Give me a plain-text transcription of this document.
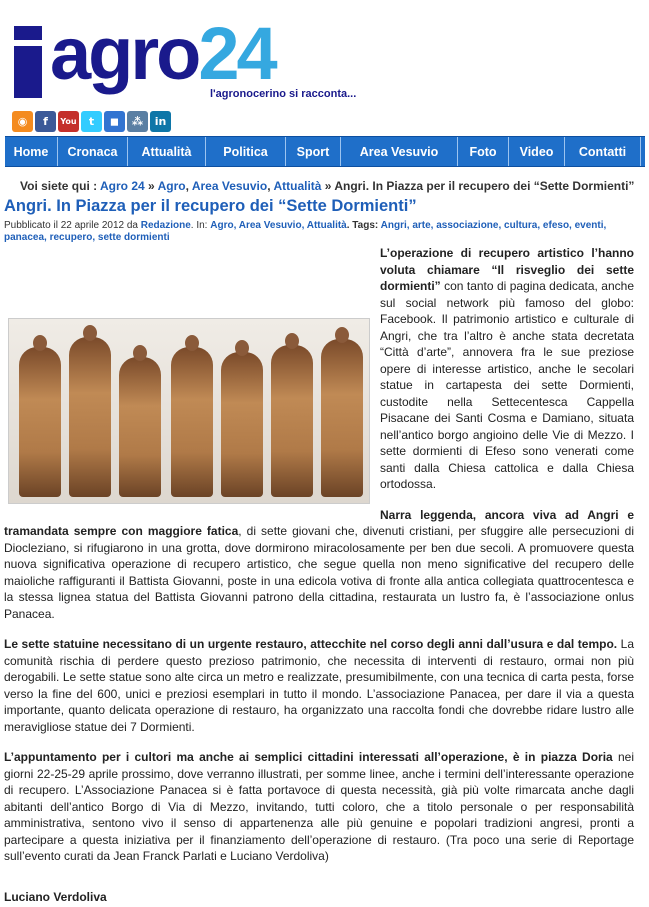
agro24
l'agronocerino si racconta...
◉	f	You	t	◼	⁂	in
Home	Cronaca	Attualità	Politica	Sport	Area Vesuvio	Foto	Video	Contatti
Voi siete qui : Agro 24 » Agro, Area Vesuvio, Attualità » Angri. In Piazza per il recupero dei “Sette Dormienti”
Angri. In Piazza per il recupero dei “Sette Dormienti”
Pubblicato il 22 aprile 2012 da Redazione. In: Agro, Area Vesuvio, Attualità. Tags: Angri, arte, associazione, cultura, efeso, eventi, panacea, recupero, sette dormienti

L’operazione di recupero artistico l’hanno voluta chiamare “Il risveglio dei sette dormienti” con tanto di pagina dedicata, anche sul social network più famoso del globo: Facebook. Il patrimonio artistico e culturale di Angri, che tra l’altro è anche stata decretata “Città d’arte”, annovera fra le sue preziose opere di interesse artistico, anche le secolari statue in cartapesta dei sette Dormienti, custodite nella Settecentesca Cappella Pisacane dei Santi Cosma e Damiano, situata nell’antico borgo angioino delle Vie di Mezzo. I sette dormienti di Efeso sono venerati come santi dalla Chiesa cattolica e dalla Chiesa ortodossa.

Narra leggenda, ancora viva ad Angri e tramandata sempre con maggiore fatica, di sette giovani che, divenuti cristiani, per sfuggire alle persecuzioni di Diocleziano, si rifugiarono in una grotta, dove dormirono miracolosamente per ben due secoli. A promuovere questa nuova significativa operazione di recupero artistico, che segue quella non meno significative del recupero delle maioliche raffiguranti il Battista Giovanni, poste in una edicola votiva di fronte alla antica collegiata quattrocentesca e la stessa lignea statua del Battista Giovanni patrono della cittadina, restaurata un lustro fa, è l’associazione onlus Panacea.

Le sette statuine necessitano di un urgente restauro, attecchite nel corso degli anni dall’usura e dal tempo. La comunità rischia di perdere questo prezioso patrimonio, che necessita di interventi di restauro, ormai non più derogabili. Le sette statue sono alte circa un metro e realizzate, presumibilmente, con una tecnica di carta pesta, forse verso la fine del 600, unici e preziosi esemplari in tutto il mondo. L’associazione Panacea, per dare il via a questa importante, quanto delicata operazione di restauro, ha organizzato una raccolta fondi che dovrebbe ridare lustro alle meravigliose statue dei 7 Dormienti.

L’appuntamento per i cultori ma anche ai semplici cittadini interessati all’operazione, è in piazza Doria nei giorni 22-25-29 aprile prossimo, dove verranno illustrati, per somme linee, anche i termini dell’interessante operazione di recupero. L’Associazione Panacea si è fatta portavoce di questa necessità, già più volte rimarcata anche dagli abitanti dell’antico Borgo di Via di Mezzo, invitando, tutti coloro, che a titolo personale o per responsabilità amministrativa, sentono vivo il senso di appartenenza alle più genuine e popolari tradizioni angresi, pronti a partecipare a questa iniziativa per il finanziamento dell’operazione di restauro. (Tra poco una serie di Reportage sull’evento curati da Jean Franck Parlati e Luciano Verdoliva)

Luciano Verdoliva
